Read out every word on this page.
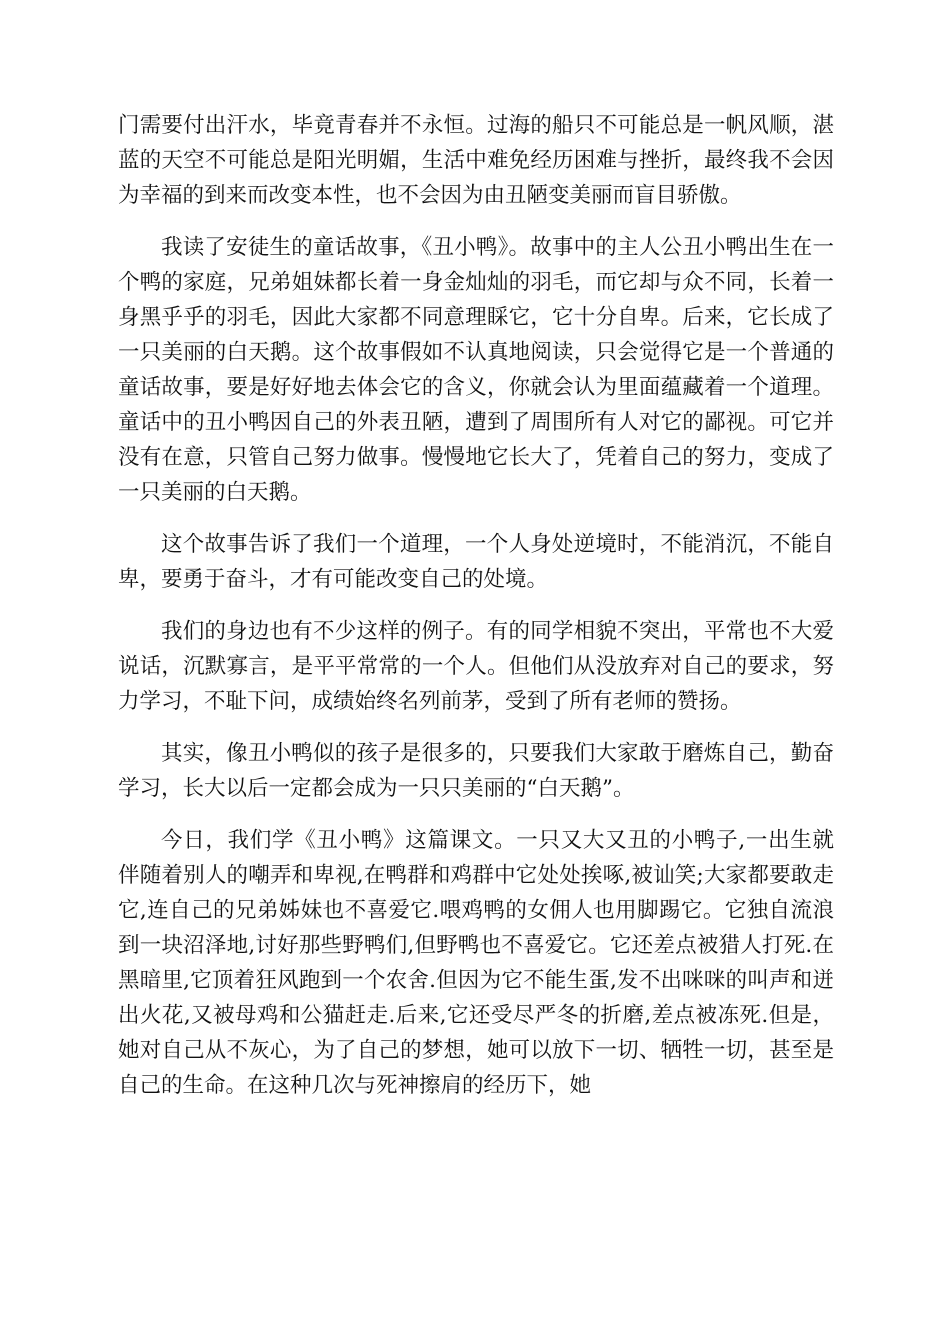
门需要付出汗水，毕竟青春并不永恒。过海的船只不可能总是一帆风顺，湛蓝的天空不可能总是阳光明媚，生活中难免经历困难与挫折，最终我不会因为幸福的到来而改变本性，也不会因为由丑陋变美丽而盲目骄傲。

我读了安徒生的童话故事，《丑小鸭》。故事中的主人公丑小鸭出生在一个鸭的家庭，兄弟姐妹都长着一身金灿灿的羽毛，而它却与众不同，长着一身黑乎乎的羽毛，因此大家都不同意理睬它，它十分自卑。后来，它长成了一只美丽的白天鹅。这个故事假如不认真地阅读，只会觉得它是一个普通的童话故事，要是好好地去体会它的含义，你就会认为里面蕴藏着一个道理。童话中的丑小鸭因自己的外表丑陋，遭到了周围所有人对它的鄙视。可它并没有在意，只管自己努力做事。慢慢地它长大了，凭着自己的努力，变成了一只美丽的白天鹅。

这个故事告诉了我们一个道理，一个人身处逆境时，不能消沉，不能自卑，要勇于奋斗，才有可能改变自己的处境。

我们的身边也有不少这样的例子。有的同学相貌不突出，平常也不大爱说话，沉默寡言，是平平常常的一个人。但他们从没放弃对自己的要求，努力学习，不耻下问，成绩始终名列前茅，受到了所有老师的赞扬。

其实，像丑小鸭似的孩子是很多的，只要我们大家敢于磨炼自己，勤奋学习，长大以后一定都会成为一只只美丽的“白天鹅”。

今日，我们学《丑小鸭》这篇课文。一只又大又丑的小鸭子,一出生就伴随着别人的嘲弄和卑视,在鸭群和鸡群中它处处挨啄,被讪笑;大家都要敢走它,连自己的兄弟姊妹也不喜爱它.喂鸡鸭的女佣人也用脚踢它。它独自流浪到一块沼泽地,讨好那些野鸭们,但野鸭也不喜爱它。它还差点被猎人打死.在黑暗里,它顶着狂风跑到一个农舍.但因为它不能生蛋,发不出咪咪的叫声和迸出火花,又被母鸡和公猫赶走.后来,它还受尽严冬的折磨,差点被冻死.但是，她对自己从不灰心，为了自己的梦想，她可以放下一切、牺牲一切，甚至是自己的生命。在这种几次与死神擦肩的经历下，她
